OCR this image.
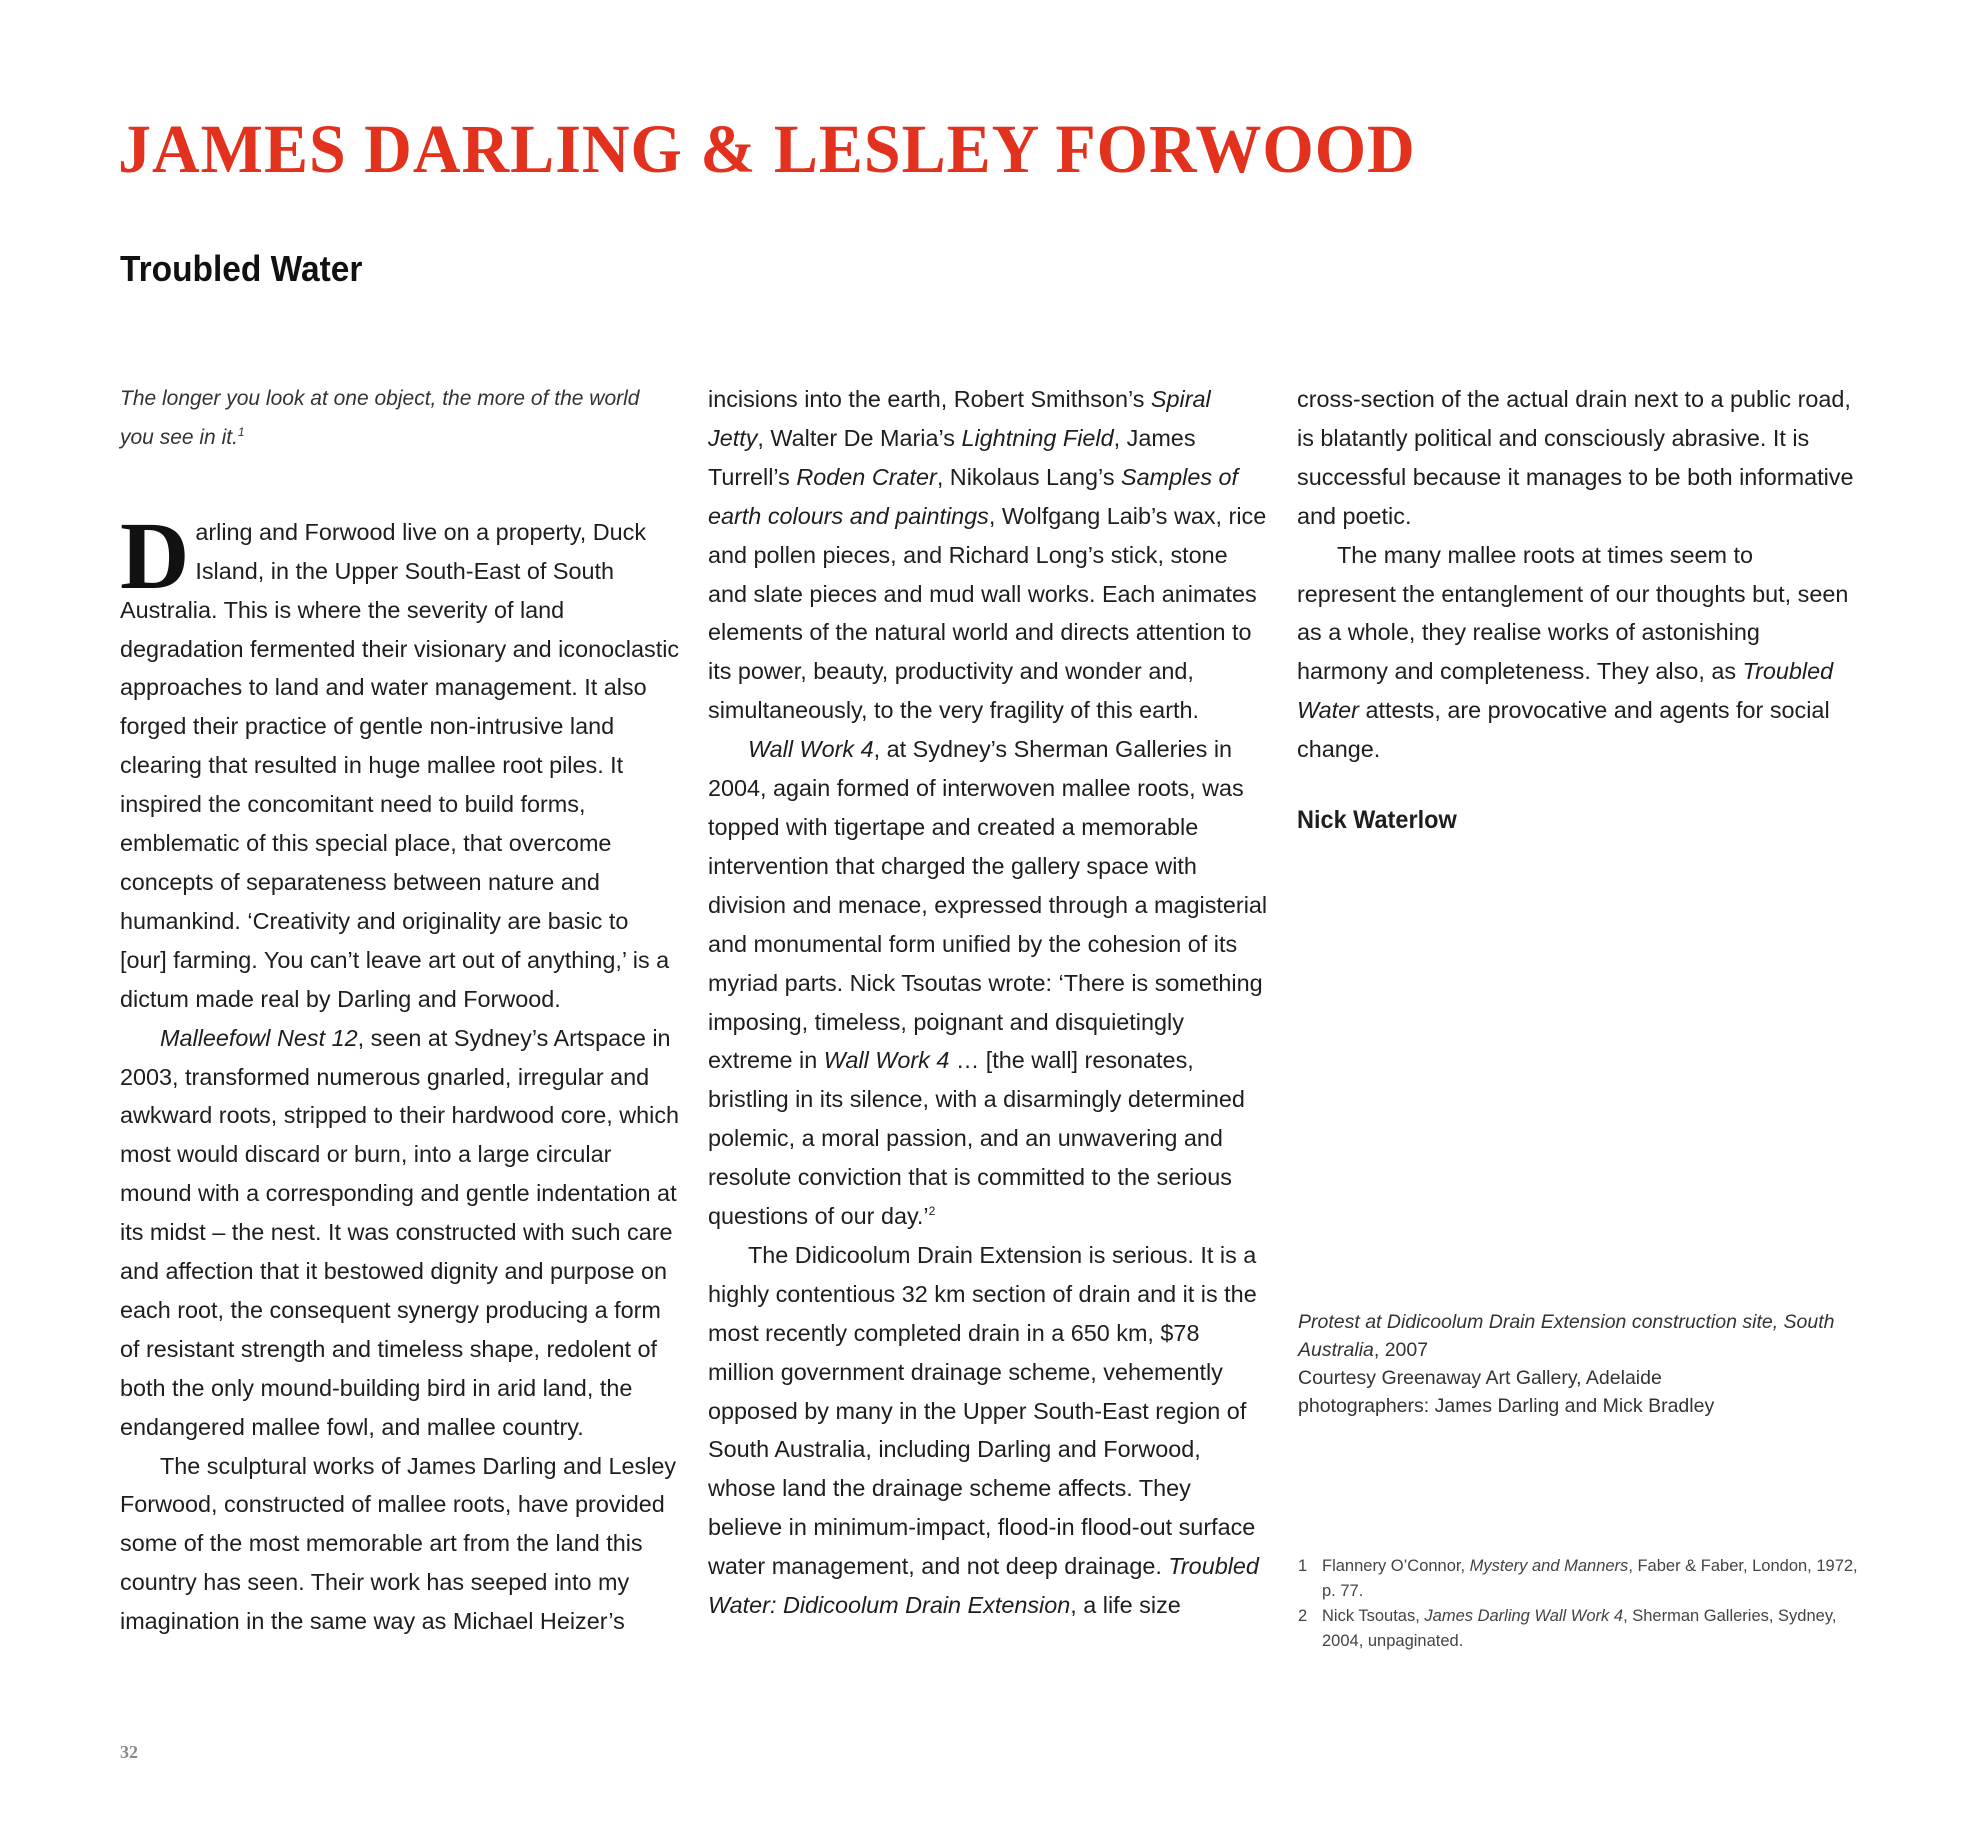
JAMES DARLING & LESLEY FORWOOD
Troubled Water

The longer you look at one object, the more of the world you see in it.$^1$

Darling and Forwood live on a property, Duck Island, in the Upper South-East of South Australia. This is where the severity of land degradation fermented their visionary and iconoclastic approaches to land and water management. It also forged their practice of gentle non-intrusive land clearing that resulted in huge mallee root piles. It inspired the concomitant need to build forms, emblematic of this special place, that overcome concepts of separateness between nature and humankind. ‘Creativity and originality are basic to [our] farming. You can’t leave art out of anything,’ is a dictum made real by Darling and Forwood.

Malleefowl Nest 12, seen at Sydney’s Artspace in 2003, transformed numerous gnarled, irregular and awkward roots, stripped to their hardwood core, which most would discard or burn, into a large circular mound with a corresponding and gentle indentation at its midst – the nest. It was constructed with such care and affection that it bestowed dignity and purpose on each root, the consequent synergy producing a form of resistant strength and timeless shape, redolent of both the only mound-building bird in arid land, the endangered mallee fowl, and mallee country.

The sculptural works of James Darling and Lesley Forwood, constructed of mallee roots, have provided some of the most memorable art from the land this country has seen. Their work has seeped into my imagination in the same way as Michael Heizer’s

incisions into the earth, Robert Smithson’s Spiral Jetty, Walter De Maria’s Lightning Field, James Turrell’s Roden Crater, Nikolaus Lang’s Samples of earth colours and paintings, Wolfgang Laib’s wax, rice and pollen pieces, and Richard Long’s stick, stone and slate pieces and mud wall works. Each animates elements of the natural world and directs attention to its power, beauty, productivity and wonder and, simultaneously, to the very fragility of this earth.

Wall Work 4, at Sydney’s Sherman Galleries in 2004, again formed of interwoven mallee roots, was topped with tigertape and created a memorable intervention that charged the gallery space with division and menace, expressed through a magisterial and monumental form unified by the cohesion of its myriad parts. Nick Tsoutas wrote: ‘There is something imposing, timeless, poignant and disquietingly extreme in Wall Work 4 … [the wall] resonates, bristling in its silence, with a disarmingly determined polemic, a moral passion, and an unwavering and resolute conviction that is committed to the serious questions of our day.’$^2$

The Didicoolum Drain Extension is serious. It is a highly contentious 32 km section of drain and it is the most recently completed drain in a 650 km, $78 million government drainage scheme, vehemently opposed by many in the Upper South-East region of South Australia, including Darling and Forwood, whose land the drainage scheme affects. They believe in minimum-impact, flood-in flood-out surface water management, and not deep drainage. Troubled Water: Didicoolum Drain Extension, a life size

cross-section of the actual drain next to a public road, is blatantly political and consciously abrasive. It is successful because it manages to be both informative and poetic.

The many mallee roots at times seem to represent the entanglement of our thoughts but, seen as a whole, they realise works of astonishing harmony and completeness. They also, as Troubled Water attests, are provocative and agents for social change.

Nick Waterlow

Protest at Didicoolum Drain Extension construction site, South Australia, 2007

Courtesy Greenaway Art Gallery, Adelaide

photographers: James Darling and Mick Bradley

1 Flannery O’Connor, Mystery and Manners, Faber & Faber, London, 1972, p. 77.

2 Nick Tsoutas, James Darling Wall Work 4, Sherman Galleries, Sydney, 2004, unpaginated.

32
